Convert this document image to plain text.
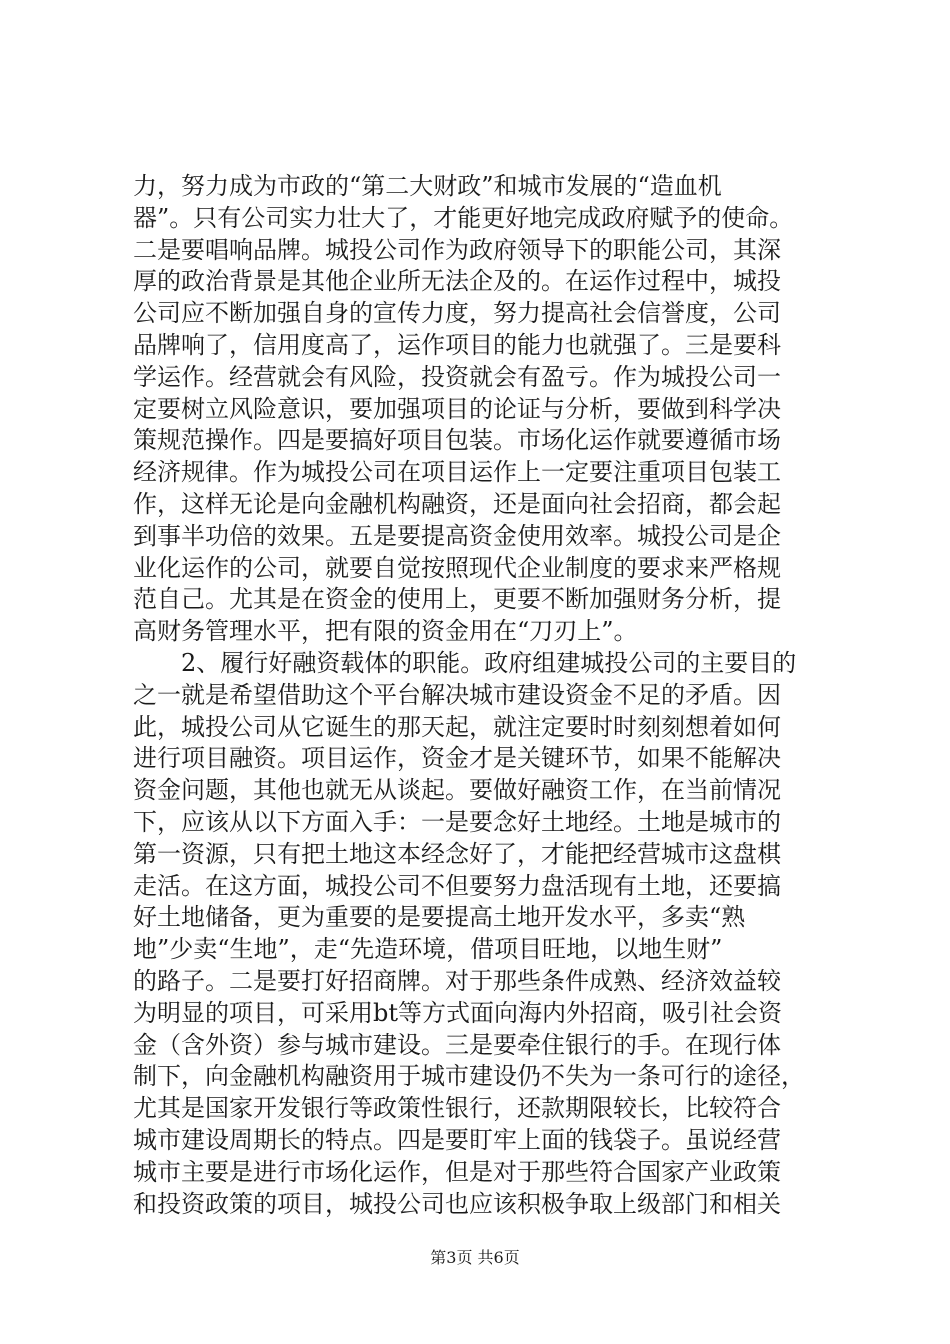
力，努力成为市政的“第二大财政”和城市发展的“造血机
器”。只有公司实力壮大了，才能更好地完成政府赋予的使命。
二是要唱响品牌。城投公司作为政府领导下的职能公司，其深
厚的政治背景是其他企业所无法企及的。在运作过程中，城投
公司应不断加强自身的宣传力度，努力提高社会信誉度，公司
品牌响了，信用度高了，运作项目的能力也就强了。三是要科
学运作。经营就会有风险，投资就会有盈亏。作为城投公司一
定要树立风险意识，要加强项目的论证与分析，要做到科学决
策规范操作。四是要搞好项目包装。市场化运作就要遵循市场
经济规律。作为城投公司在项目运作上一定要注重项目包装工
作，这样无论是向金融机构融资，还是面向社会招商，都会起
到事半功倍的效果。五是要提高资金使用效率。城投公司是企
业化运作的公司，就要自觉按照现代企业制度的要求来严格规
范自己。尤其是在资金的使用上，更要不断加强财务分析，提
高财务管理水平，把有限的资金用在“刀刃上”。
　　2、履行好融资载体的职能。政府组建城投公司的主要目的
之一就是希望借助这个平台解决城市建设资金不足的矛盾。因
此，城投公司从它诞生的那天起，就注定要时时刻刻想着如何
进行项目融资。项目运作，资金才是关键环节，如果不能解决
资金问题，其他也就无从谈起。要做好融资工作，在当前情况
下，应该从以下方面入手：一是要念好土地经。土地是城市的
第一资源，只有把土地这本经念好了，才能把经营城市这盘棋
走活。在这方面，城投公司不但要努力盘活现有土地，还要搞
好土地储备，更为重要的是要提高土地开发水平，多卖“熟
地”少卖“生地”，走“先造环境，借项目旺地，以地生财”
的路子。二是要打好招商牌。对于那些条件成熟、经济效益较
为明显的项目，可采用bt等方式面向海内外招商，吸引社会资
金（含外资）参与城市建设。三是要牵住银行的手。在现行体
制下，向金融机构融资用于城市建设仍不失为一条可行的途径，
尤其是国家开发银行等政策性银行，还款期限较长，比较符合
城市建设周期长的特点。四是要盯牢上面的钱袋子。虽说经营
城市主要是进行市场化运作，但是对于那些符合国家产业政策
和投资政策的项目，城投公司也应该积极争取上级部门和相关
第3页 共6页
